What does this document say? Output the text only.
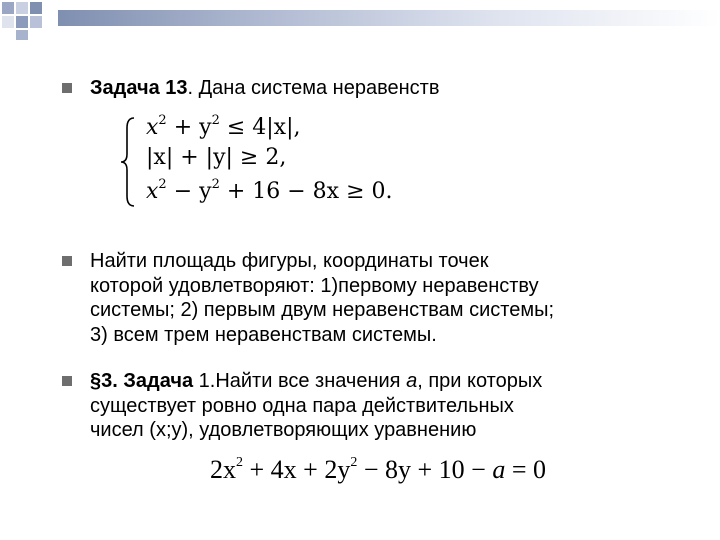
Задача 13. Дана система неравенств
$x^2 + y^2 \le 4|x|$,
|x| + |y| ≥ 2,
$x^2 - y^2 + 16 - 8x \ge 0$.
Найти площадь фигуры, координаты точек
которой удовлетворяют: 1)первому неравенству
системы; 2) первым двум неравенствам системы;
3) всем трем неравенствам системы.
§3. Задача 1.Найти все значения a, при которых
существует ровно одна пара действительных
чисел (x;y), удовлетворяющих уравнению
$2x^2 + 4x + 2y^2 - 8y + 10 - a = 0$
